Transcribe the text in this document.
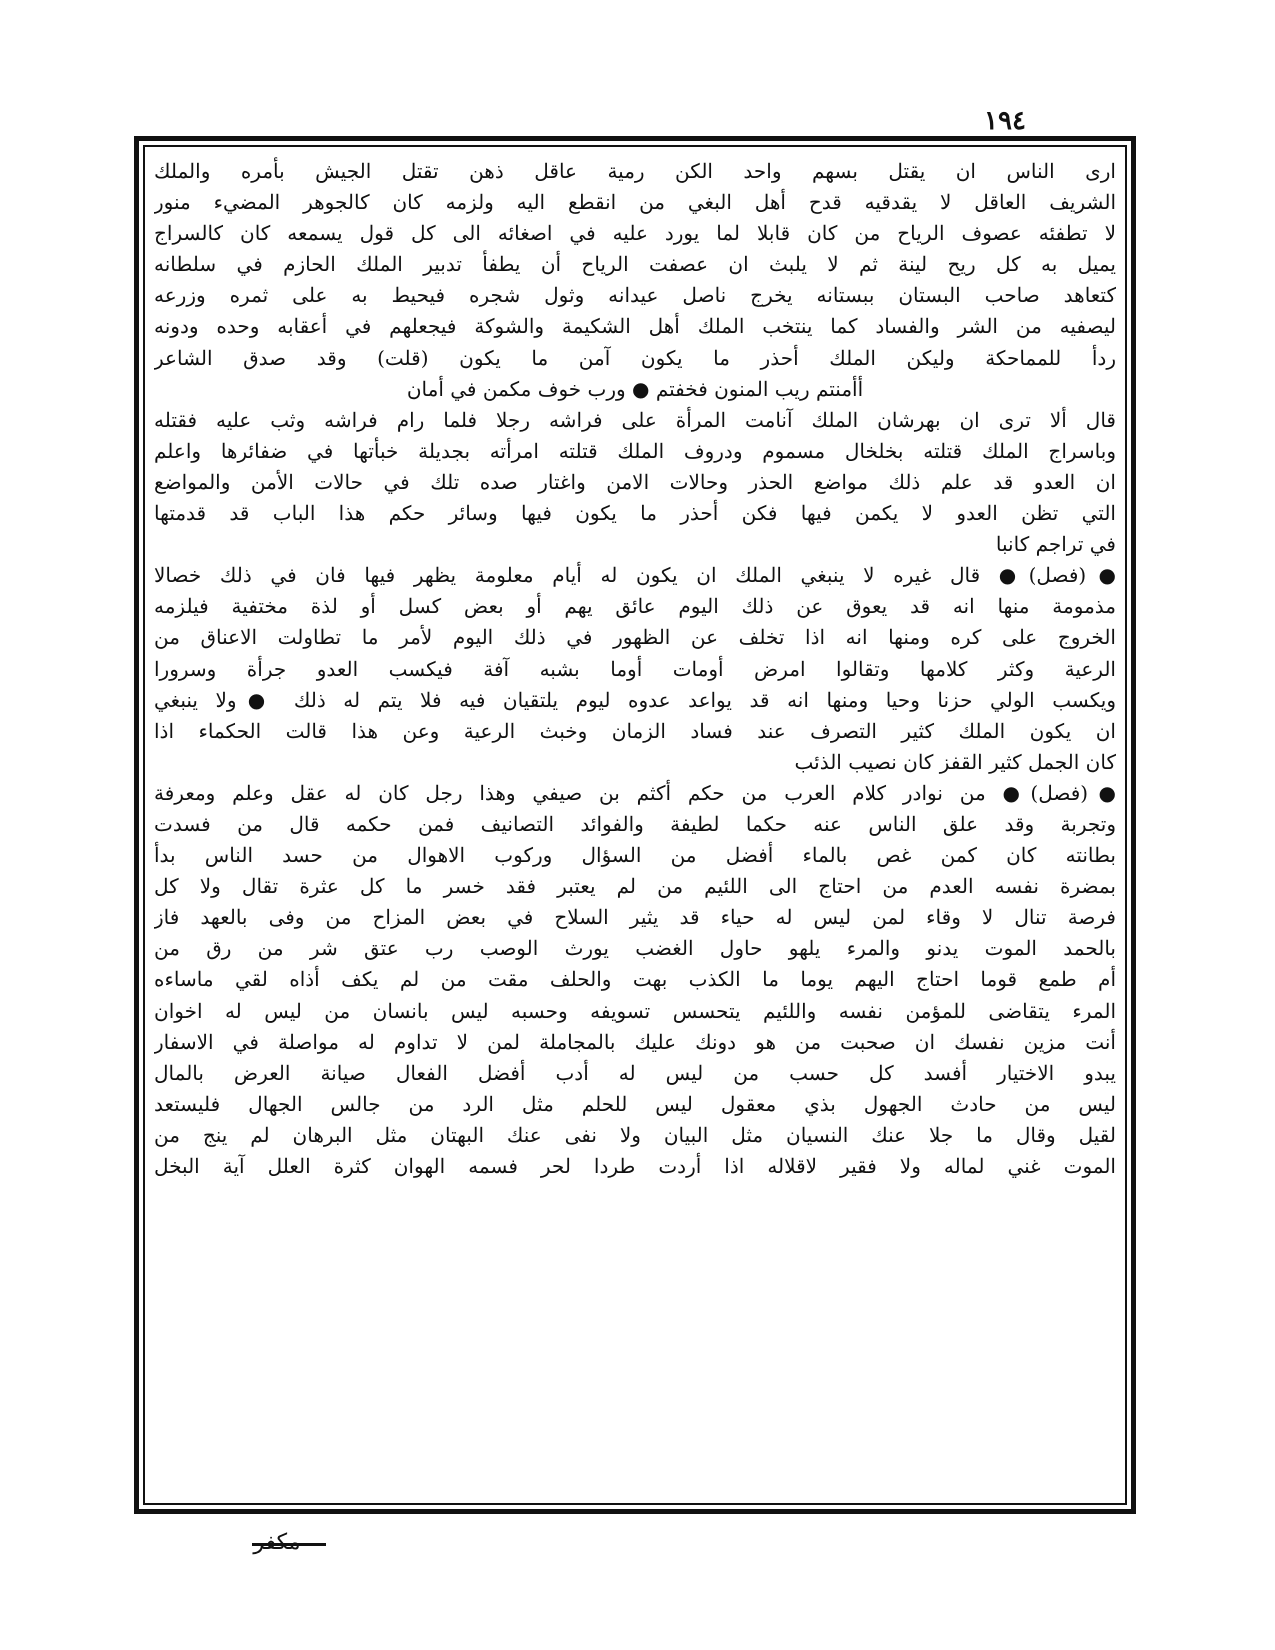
١٩٤
ارى الناس ان يقتل بسهم واحد الكن رمية عاقل ذهن تقتل الجيش بأمره والملك
الشريف العاقل لا يقدقيه قدح أهل البغي من انقطع اليه ولزمه كان كالجوهر المضيء منور
لا تطفئه عصوف الرياح من كان قابلا لما يورد عليه في اصغائه الى كل قول يسمعه كان كالسراج
يميل به كل ريح لينة ثم لا يلبث ان عصفت الرياح أن يطفأ تدبير الملك الحازم في سلطانه
كتعاهد صاحب البستان ببستانه يخرج ناصل عيدانه وثول شجره فيحيط به على ثمره وزرعه
ليصفيه من الشر والفساد كما ينتخب الملك أهل الشكيمة والشوكة فيجعلهم في أعقابه وحده ودونه
ردأ للمماحكة وليكن الملك أحذر ما يكون آمن ما يكون (قلت) وقد صدق الشاعر
أأمنتم ريب المنون فخفتم ● ورب خوف مكمن في أمان
قال ألا ترى ان بهرشان الملك آنامت المرأة على فراشه رجلا فلما رام فراشه وثب عليه فقتله
وباسراج الملك قتلته بخلخال مسموم ودروف الملك قتلته امرأته بجديلة خبأتها في ضفائرها واعلم
ان العدو قد علم ذلك مواضع الحذر وحالات الامن واغتار صده تلك في حالات الأمن والمواضع
التي تظن العدو لا يكمن فيها فكن أحذر ما يكون فيها وسائر حكم هذا الباب قد قدمتها
في تراجم كانبا
●(فصل)● قال غيره لا ينبغي الملك ان يكون له أيام معلومة يظهر فيها فان في ذلك خصالا
مذمومة منها انه قد يعوق عن ذلك اليوم عائق يهم أو بعض كسل أو لذة مختفية فيلزمه
الخروج على كره ومنها انه اذا تخلف عن الظهور في ذلك اليوم لأمر ما تطاولت الاعناق من
الرعية وكثر كلامها وتقالوا امرض أومات أوما بشبه آفة فيكسب العدو جرأة وسرورا
ويكسب الولي حزنا وحيا ومنها انه قد يواعد عدوه ليوم يلتقيان فيه فلا يتم له ذلك ●ولا ينبغي
ان يكون الملك كثير التصرف عند فساد الزمان وخبث الرعية وعن هذا قالت الحكماء اذا
كان الجمل كثير القفز كان نصيب الذئب
●(فصل)● من نوادر كلام العرب من حكم أكثم بن صيفي وهذا رجل كان له عقل وعلم ومعرفة
وتجربة وقد علق الناس عنه حكما لطيفة والفوائد التصانيف فمن حكمه قال من فسدت
بطانته كان كمن غص بالماء أفضل من السؤال وركوب الاهوال من حسد الناس بدأ
بمضرة نفسه العدم من احتاج الى اللئيم من لم يعتبر فقد خسر ما كل عثرة تقال ولا كل
فرصة تنال لا وقاء لمن ليس له حياء قد يثير السلاح في بعض المزاح من وفى بالعهد فاز
بالحمد الموت يدنو والمرء يلهو حاول الغضب يورث الوصب رب عتق شر من رق من
أم طمع قوما احتاج اليهم يوما ما الكذب بهت والحلف مقت من لم يكف أذاه لقي ماساءه
المرء يتقاضى للمؤمن نفسه واللئيم يتحسس تسويفه وحسبه ليس بانسان من ليس له اخوان
أنت مزين نفسك ان صحبت من هو دونك عليك بالمجاملة لمن لا تداوم له مواصلة في الاسفار
يبدو الاختيار أفسد كل حسب من ليس له أدب أفضل الفعال صيانة العرض بالمال
ليس من حادث الجهول بذي معقول ليس للحلم مثل الرد من جالس الجهال فليستعد
لقيل وقال ما جلا عنك النسيان مثل البيان ولا نفى عنك البهتان مثل البرهان لم ينج من
الموت غني لماله ولا فقير لاقلاله اذا أردت طردا لحر فسمه الهوان كثرة العلل آية البخل
